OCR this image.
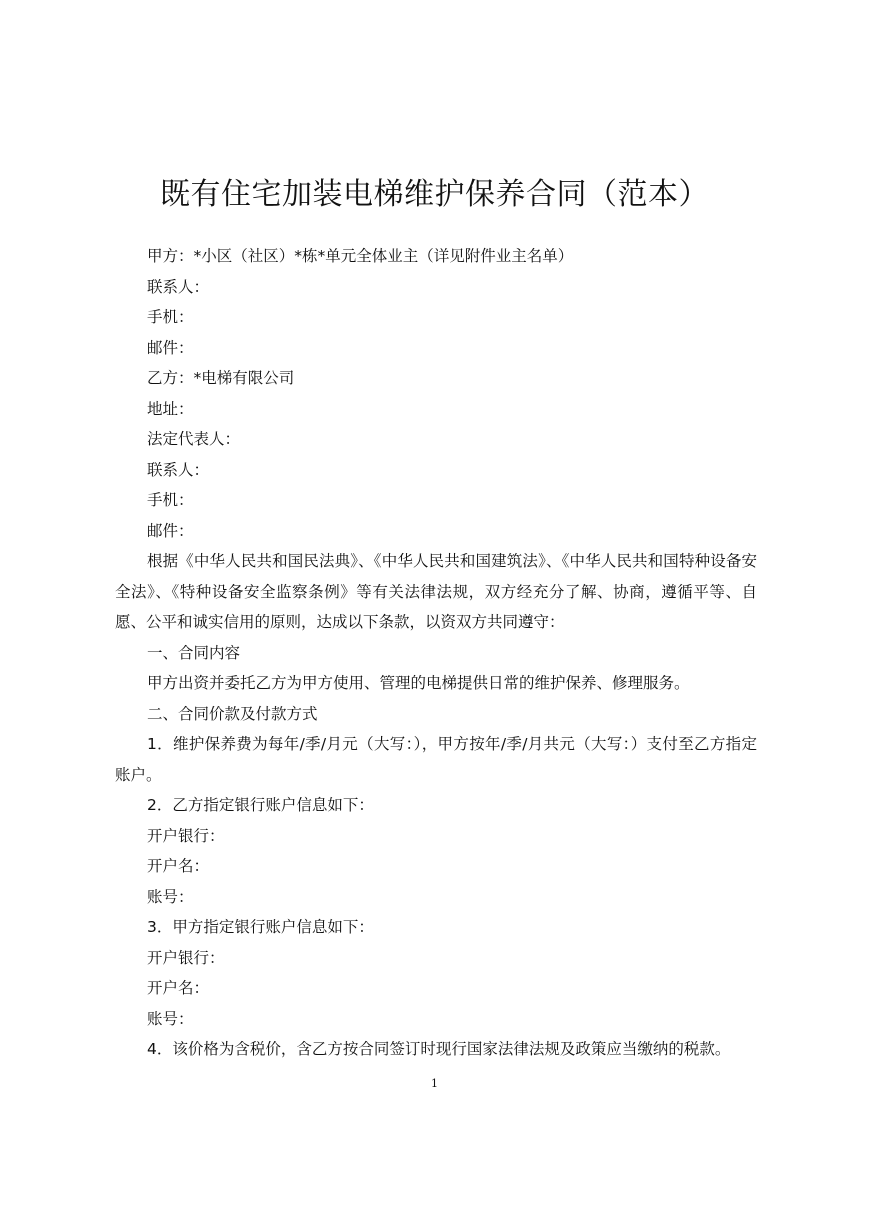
既有住宅加装电梯维护保养合同（范本）
甲方：*小区（社区）*栋*单元全体业主（详见附件业主名单）
联系人：
手机：
邮件：
乙方：*电梯有限公司
地址：
法定代表人：
联系人：
手机：
邮件：
根据《中华人民共和国民法典》、《中华人民共和国建筑法》、《中华人民共和国特种设备安全法》、《特种设备安全监察条例》等有关法律法规，双方经充分了解、协商，遵循平等、自愿、公平和诚实信用的原则，达成以下条款，以资双方共同遵守：
一、合同内容
甲方出资并委托乙方为甲方使用、管理的电梯提供日常的维护保养、修理服务。
二、合同价款及付款方式
1．维护保养费为每年/季/月元（大写：），甲方按年/季/月共元（大写：）支付至乙方指定账户。
2．乙方指定银行账户信息如下：
开户银行：
开户名：
账号：
3．甲方指定银行账户信息如下：
开户银行：
开户名：
账号：
4．该价格为含税价，含乙方按合同签订时现行国家法律法规及政策应当缴纳的税款。
1
